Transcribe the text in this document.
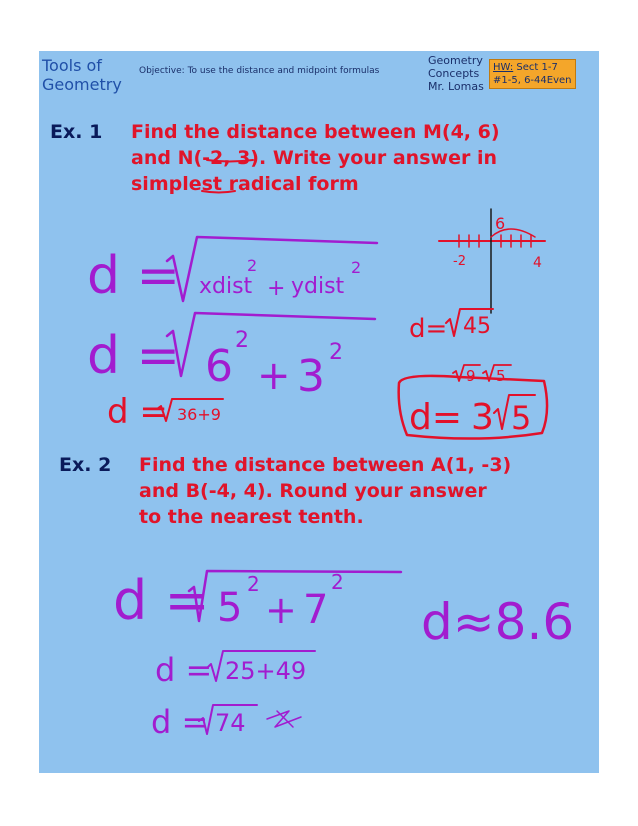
Tools of
Geometry
Objective: To use the distance and midpoint formulas
Geometry
Concepts
Mr. Lomas
HW: Sect 1-7
#1-5, 6-44Even
Ex. 1 Find the distance between M(4, 6)
and N(-2, 3). Write your answer in
simplest radical form
Ex. 2 Find the distance between A(1, -3)
and B(-4, 4). Round your answer
to the nearest tenth.
d = xdist
2
+ ydist
2
d = 6
2
+ 3 2
d = 36+9
6
-2	4
d= 45
9 5
d= 3 5
d = 5
2
+ 7
2
d≈8.6
d = 25+49
d = 74
